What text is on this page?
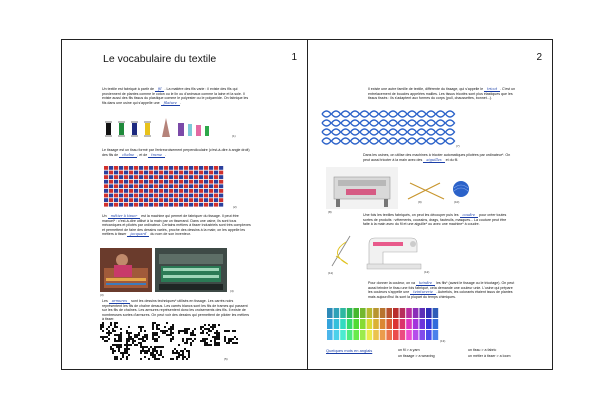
Le vocabulaire du textile	1
Un textile est fabriqué à partir de fil . La matière des fils varie : il existe des fils qui proviennent de plantes comme le coton ou le lin ou d'animaux comme la laine et la soie. Il existe aussi des fils tissus du plastique comme le polyester ou le polyamide. On fabrique les fils dans une usine qui s'appelle une filature .
(1)
Le tissage est un tissu formé par l'entrecroisement perpendiculaire (c'est-à-dire à angle droit) des fils de chaîne , et de trame .
(2)
Un métier à tisser est la machine qui permet de fabriquer du tissage. Il peut être manuel* : c'est-à-dire utilisé à la main par un tisserand. Dans une usine, ils sont tous mécaniques et pilotés par ordinateur. Certains métiers à tisser industriels sont très complexes et permettent de faire des dessins variés, proche des dessins à la main; on les appelle les métiers à tisser jacquard du nom de son inventeur.
(3)
(4)
Les armures sont les dessins techniques* utilisés en tissage. Les carrés noirs représentent les fils de chaîne dessus. Les carrés blancs sont les fils de trames qui passent sur les fils de chaînes. Les armures représentent donc les croisements des fils. Il existe de nombreuses sortes d'armures. On peut voir des dessins qui permettent de piloter les métiers à tisser.
(5)
2
Il existe une autre famille de textile, différente du tissage, qui s'appelle le tricot . C'est un entrelacement de boucles appelées mailles. Les tissus tricotés sont plus élastiques que les tissus tissés : ils s'adaptent aux formes du corps (pull, chaussettes, bonnet...).
(7)
Dans les usines, on utilise des machines à tricoter automatiques pilotées par ordinateur*. On peut aussi tricoter à la main avec des aiguilles et du fil.
(8)
(9)	(10)
Une fois les textiles fabriqués, on peut les découper puis les coudre pour créer toutes sortes de produits : vêtements, coussins, drags, fauteuils, masques... La couture peut être faite à la main avec du fil et une aiguille* ou avec une machine* à coudre.
(11)	(12)
Pour donner la couleur, on va teindre les fils* (avant le tissage ou le tricotage). On peut aussi teindre le tissu une fois fabriqué, cela demande une couleur unie. L'usine qui prépare les couleurs s'appelle une teinturerie . Autrefois, les colorants étaient issus de plantes mais aujourd'hui ils sont la plupart du temps chimiques.
(13)
Quelques mots en anglais	un fil > a yarn	un tissu > a fabric
un tissage > a weaving	un métier à tisser > a loom
